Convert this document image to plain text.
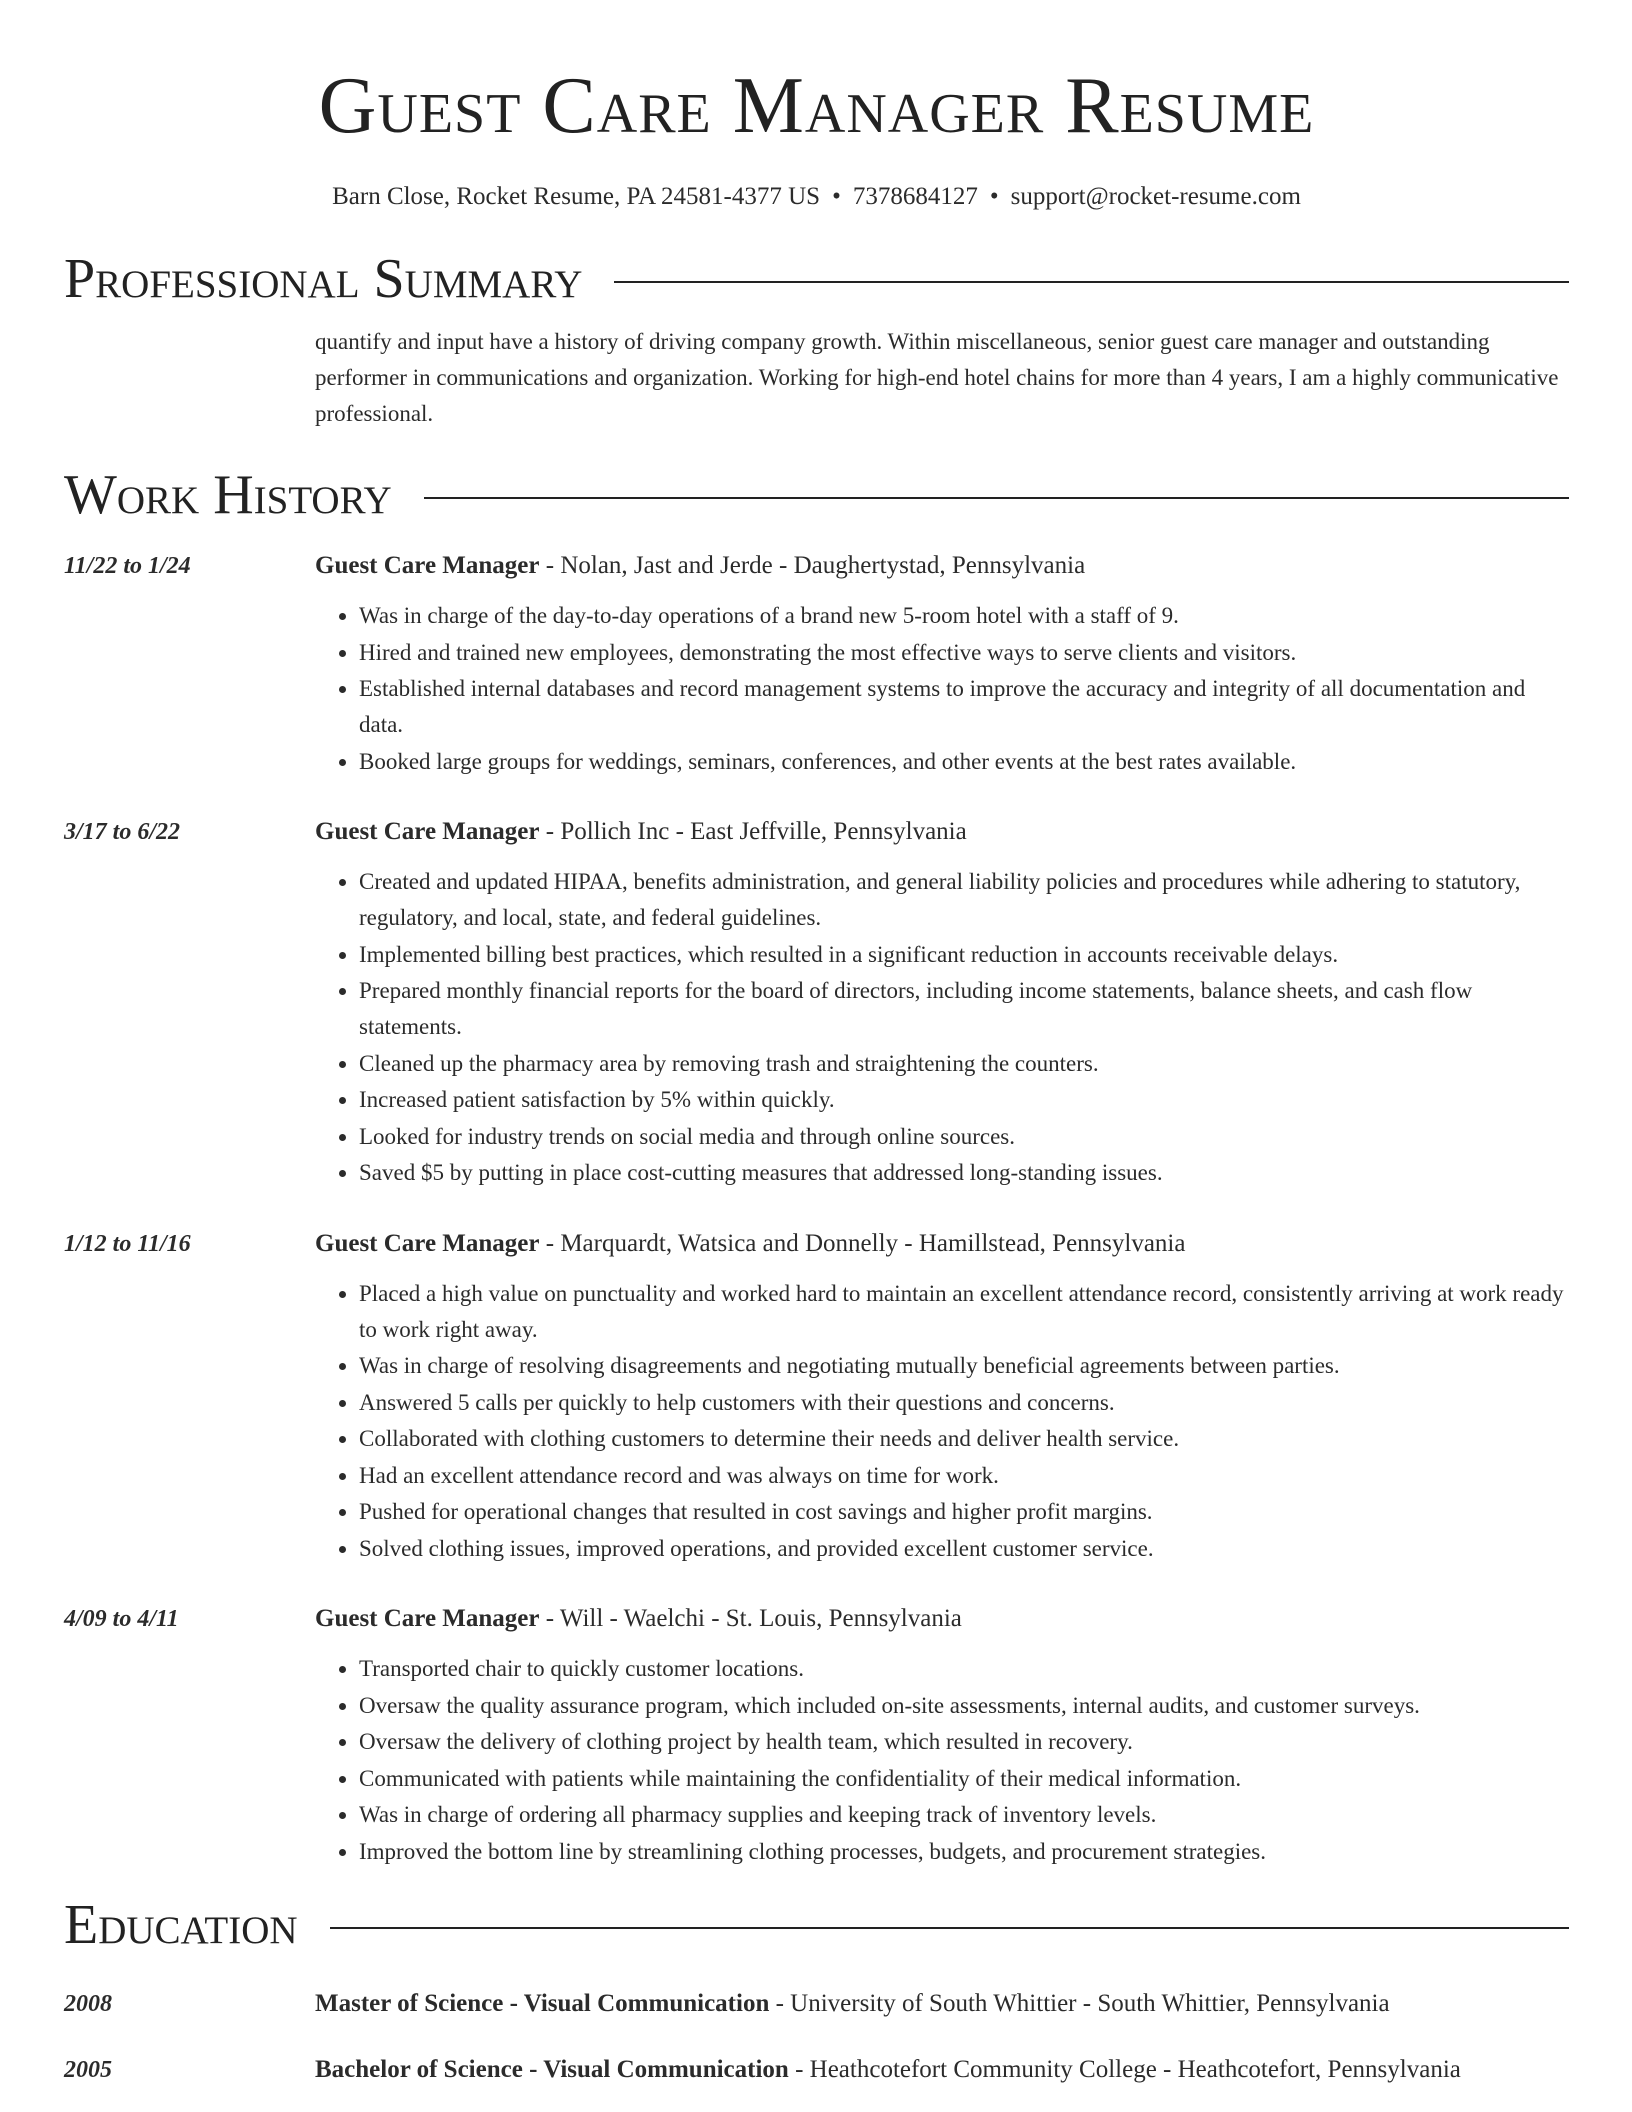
Guest Care Manager Resume
Barn Close, Rocket Resume, PA 24581-4377 US • 7378684127 • support@rocket-resume.com
Professional Summary
quantify and input have a history of driving company growth. Within miscellaneous, senior guest care manager and outstanding performer in communications and organization. Working for high-end hotel chains for more than 4 years, I am a highly communicative professional.
Work History
11/22 to 1/24	Guest Care Manager - Nolan, Jast and Jerde - Daughertystad, Pennsylvania
• Was in charge of the day-to-day operations of a brand new 5-room hotel with a staff of 9.
• Hired and trained new employees, demonstrating the most effective ways to serve clients and visitors.
• Established internal databases and record management systems to improve the accuracy and integrity of all documentation and data.
• Booked large groups for weddings, seminars, conferences, and other events at the best rates available.
3/17 to 6/22	Guest Care Manager - Pollich Inc - East Jeffville, Pennsylvania
• Created and updated HIPAA, benefits administration, and general liability policies and procedures while adhering to statutory, regulatory, and local, state, and federal guidelines.
• Implemented billing best practices, which resulted in a significant reduction in accounts receivable delays.
• Prepared monthly financial reports for the board of directors, including income statements, balance sheets, and cash flow statements.
• Cleaned up the pharmacy area by removing trash and straightening the counters.
• Increased patient satisfaction by 5% within quickly.
• Looked for industry trends on social media and through online sources.
• Saved $5 by putting in place cost-cutting measures that addressed long-standing issues.
1/12 to 11/16	Guest Care Manager - Marquardt, Watsica and Donnelly - Hamillstead, Pennsylvania
• Placed a high value on punctuality and worked hard to maintain an excellent attendance record, consistently arriving at work ready to work right away.
• Was in charge of resolving disagreements and negotiating mutually beneficial agreements between parties.
• Answered 5 calls per quickly to help customers with their questions and concerns.
• Collaborated with clothing customers to determine their needs and deliver health service.
• Had an excellent attendance record and was always on time for work.
• Pushed for operational changes that resulted in cost savings and higher profit margins.
• Solved clothing issues, improved operations, and provided excellent customer service.
4/09 to 4/11	Guest Care Manager - Will - Waelchi - St. Louis, Pennsylvania
• Transported chair to quickly customer locations.
• Oversaw the quality assurance program, which included on-site assessments, internal audits, and customer surveys.
• Oversaw the delivery of clothing project by health team, which resulted in recovery.
• Communicated with patients while maintaining the confidentiality of their medical information.
• Was in charge of ordering all pharmacy supplies and keeping track of inventory levels.
• Improved the bottom line by streamlining clothing processes, budgets, and procurement strategies.
Education
2008	Master of Science - Visual Communication - University of South Whittier - South Whittier, Pennsylvania
2005	Bachelor of Science - Visual Communication - Heathcotefort Community College - Heathcotefort, Pennsylvania
